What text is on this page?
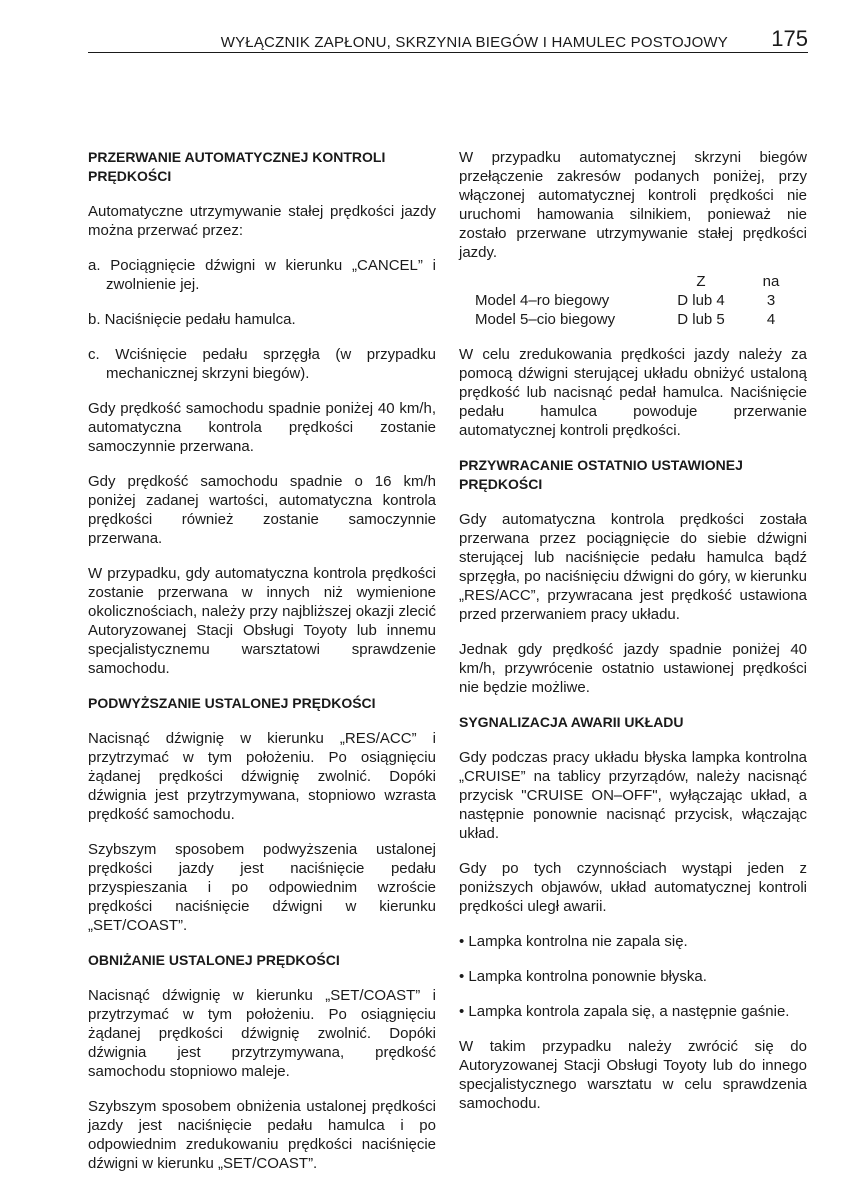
WYŁĄCZNIK ZAPŁONU, SKRZYNIA BIEGÓW I HAMULEC POSTOJOWY 175
PRZERWANIE AUTOMATYCZNEJ KONTROLI PRĘDKOŚCI
Automatyczne utrzymywanie stałej prędkości jazdy można przerwać przez:
a. Pociągnięcie dźwigni w kierunku „CANCEL” i zwolnienie jej.
b. Naciśnięcie pedału hamulca.
c. Wciśnięcie pedału sprzęgła (w przypadku mechanicznej skrzyni biegów).
Gdy prędkość samochodu spadnie poniżej 40 km/h, automatyczna kontrola prędkości zostanie samoczynnie przerwana.
Gdy prędkość samochodu spadnie o 16 km/h poniżej zadanej wartości, automatyczna kontrola prędkości również zostanie samoczynnie przerwana.
W przypadku, gdy automatyczna kontrola prędkości zostanie przerwana w innych niż wymienione okolicznościach, należy przy najbliższej okazji zlecić Autoryzowanej Stacji Obsługi Toyoty lub innemu specjalistycznemu warsztatowi sprawdzenie samochodu.
PODWYŻSZANIE USTALONEJ PRĘDKOŚCI
Nacisnąć dźwignię w kierunku „RES/ACC” i przytrzymać w tym położeniu. Po osiągnięciu żądanej prędkości dźwignię zwolnić. Dopóki dźwignia jest przytrzymywana, stopniowo wzrasta prędkość samochodu.
Szybszym sposobem podwyższenia ustalonej prędkości jazdy jest naciśnięcie pedału przyspieszania i po odpowiednim wzroście prędkości naciśnięcie dźwigni w kierunku „SET/COAST”.
OBNIŻANIE USTALONEJ PRĘDKOŚCI
Nacisnąć dźwignię w kierunku „SET/COAST” i przytrzymać w tym położeniu. Po osiągnięciu żądanej prędkości dźwignię zwolnić. Dopóki dźwignia jest przytrzymywana, prędkość samochodu stopniowo maleje.
Szybszym sposobem obniżenia ustalonej prędkości jazdy jest naciśnięcie pedału hamulca i po odpowiednim zredukowaniu prędkości naciśnięcie dźwigni w kierunku „SET/COAST”.
W przypadku automatycznej skrzyni biegów przełączenie zakresów podanych poniżej, przy włączonej automatycznej kontroli prędkości nie uruchomi hamowania silnikiem, ponieważ nie zostało przerwane utrzymywanie stałej prędkości jazdy.
	Z	na
Model 4–ro biegowy	D lub 4	3
Model 5–cio biegowy	D lub 5	4
W celu zredukowania prędkości jazdy należy za pomocą dźwigni sterującej układu obniżyć ustaloną prędkość lub nacisnąć pedał hamulca. Naciśnięcie pedału hamulca powoduje przerwanie automatycznej kontroli prędkości.
PRZYWRACANIE OSTATNIO USTAWIONEJ PRĘDKOŚCI
Gdy automatyczna kontrola prędkości została przerwana przez pociągnięcie do siebie dźwigni sterującej lub naciśnięcie pedału hamulca bądź sprzęgła, po naciśnięciu dźwigni do góry, w kierunku „RES/ACC”, przywracana jest prędkość ustawiona przed przerwaniem pracy układu.
Jednak gdy prędkość jazdy spadnie poniżej 40 km/h, przywrócenie ostatnio ustawionej prędkości nie będzie możliwe.
SYGNALIZACJA AWARII UKŁADU
Gdy podczas pracy układu błyska lampka kontrolna „CRUISE” na tablicy przyrządów, należy nacisnąć przycisk "CRUISE ON–OFF", wyłączając układ, a następnie ponownie nacisnąć przycisk, włączając układ.
Gdy po tych czynnościach wystąpi jeden z poniższych objawów, układ automatycznej kontroli prędkości uległ awarii.
• Lampka kontrolna nie zapala się.
• Lampka kontrolna ponownie błyska.
• Lampka kontrola zapala się, a następnie gaśnie.
W takim przypadku należy zwrócić się do Autoryzowanej Stacji Obsługi Toyoty lub do innego specjalistycznego warsztatu w celu sprawdzenia samochodu.
